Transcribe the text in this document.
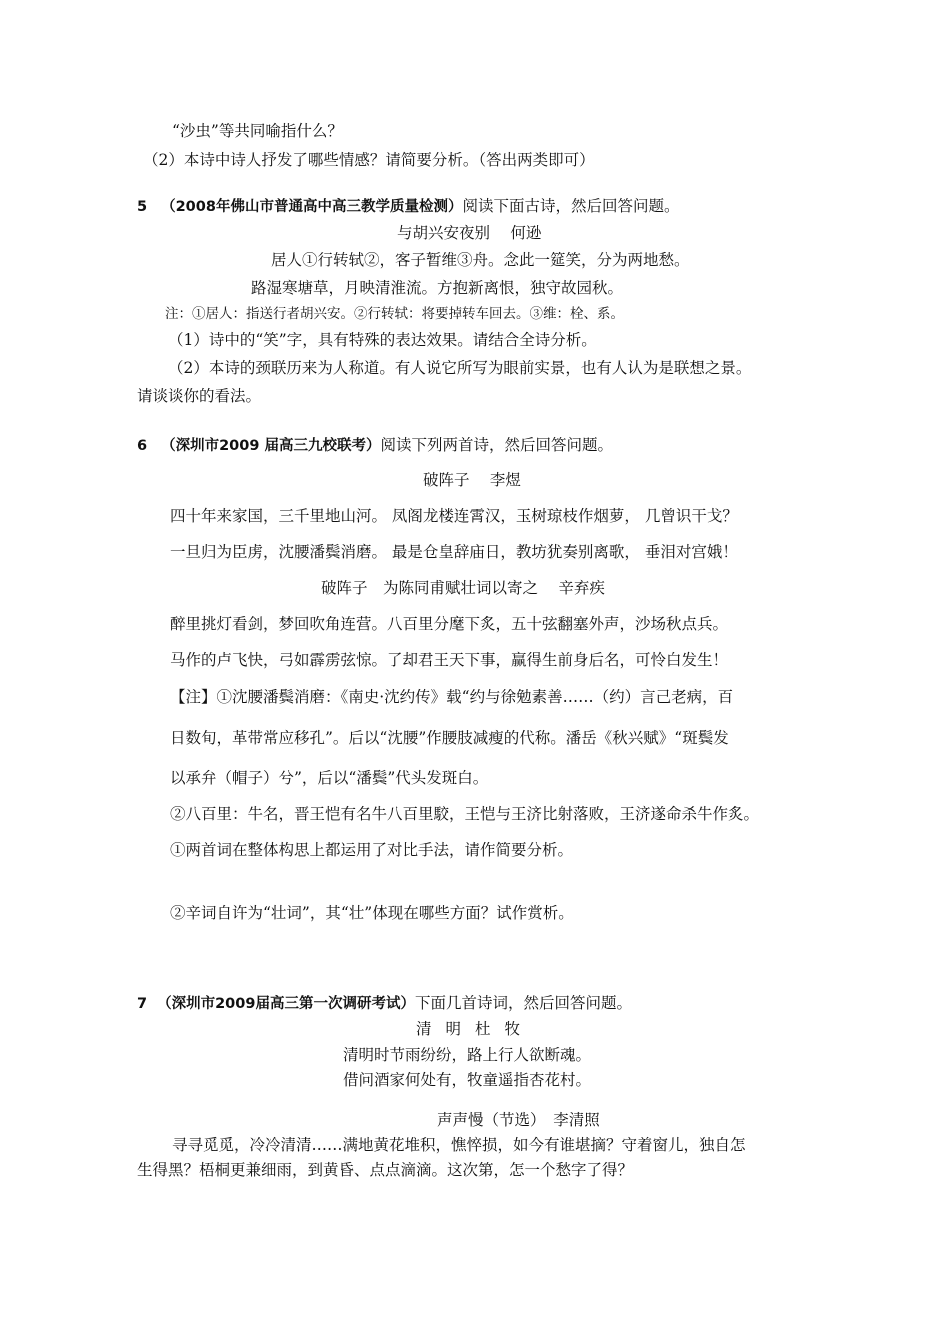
“沙虫”等共同喻指什么？
（2）本诗中诗人抒发了哪些情感？请简要分析。（答出两类即可）
5 （2008年佛山市普通高中高三教学质量检测）阅读下面古诗，然后回答问题。
与胡兴安夜别　 何逊
居人①行转轼②，客子暂维③舟。念此一筵笑，分为两地愁。
路湿寒塘草，月映清淮流。方抱新离恨，独守故园秋。
注：①居人：指送行者胡兴安。②行转轼：将要掉转车回去。③维：栓、系。
（1）诗中的“笑”字，具有特殊的表达效果。请结合全诗分析。
（2）本诗的颈联历来为人称道。有人说它所写为眼前实景，也有人认为是联想之景。
请谈谈你的看法。
6 （深圳市2009 届高三九校联考）阅读下列两首诗，然后回答问题。
破阵子　 李煜
四十年来家国，三千里地山河。 凤阁龙楼连霄汉，玉树琼枝作烟萝， 几曾识干戈？
一旦归为臣虏，沈腰潘鬓消磨。 最是仓皇辞庙日，教坊犹奏别离歌， 垂泪对宫娥！
破阵子　为陈同甫赋壮词以寄之　 辛弃疾
醉里挑灯看剑，梦回吹角连营。八百里分麾下炙，五十弦翻塞外声，沙场秋点兵。
马作的卢飞快，弓如霹雳弦惊。了却君王天下事，赢得生前身后名，可怜白发生！
【注】①沈腰潘鬓消磨：《南史·沈约传》载“约与徐勉素善……（约）言己老病，百
日数旬，革带常应移孔”。后以“沈腰”作腰肢减瘦的代称。潘岳《秋兴赋》“斑鬓发
以承弁（帽子）兮”，后以“潘鬓”代头发斑白。
②八百里：牛名，晋王恺有名牛八百里駮，王恺与王济比射落败，王济遂命杀牛作炙。
①两首词在整体构思上都运用了对比手法，请作简要分析。
②辛词自许为“壮词”，其“壮”体现在哪些方面？试作赏析。
7 （深圳市2009届高三第一次调研考试）下面几首诗词，然后回答问题。
清明杜牧
清明时节雨纷纷，路上行人欲断魂。
借问酒家何处有，牧童遥指杏花村。
声声慢（节选）　李清照
寻寻觅觅，冷冷清清……满地黄花堆积，憔悴损，如今有谁堪摘？守着窗儿，独自怎
生得黑？梧桐更兼细雨，到黄昏、点点滴滴。这次第，怎一个愁字了得？
